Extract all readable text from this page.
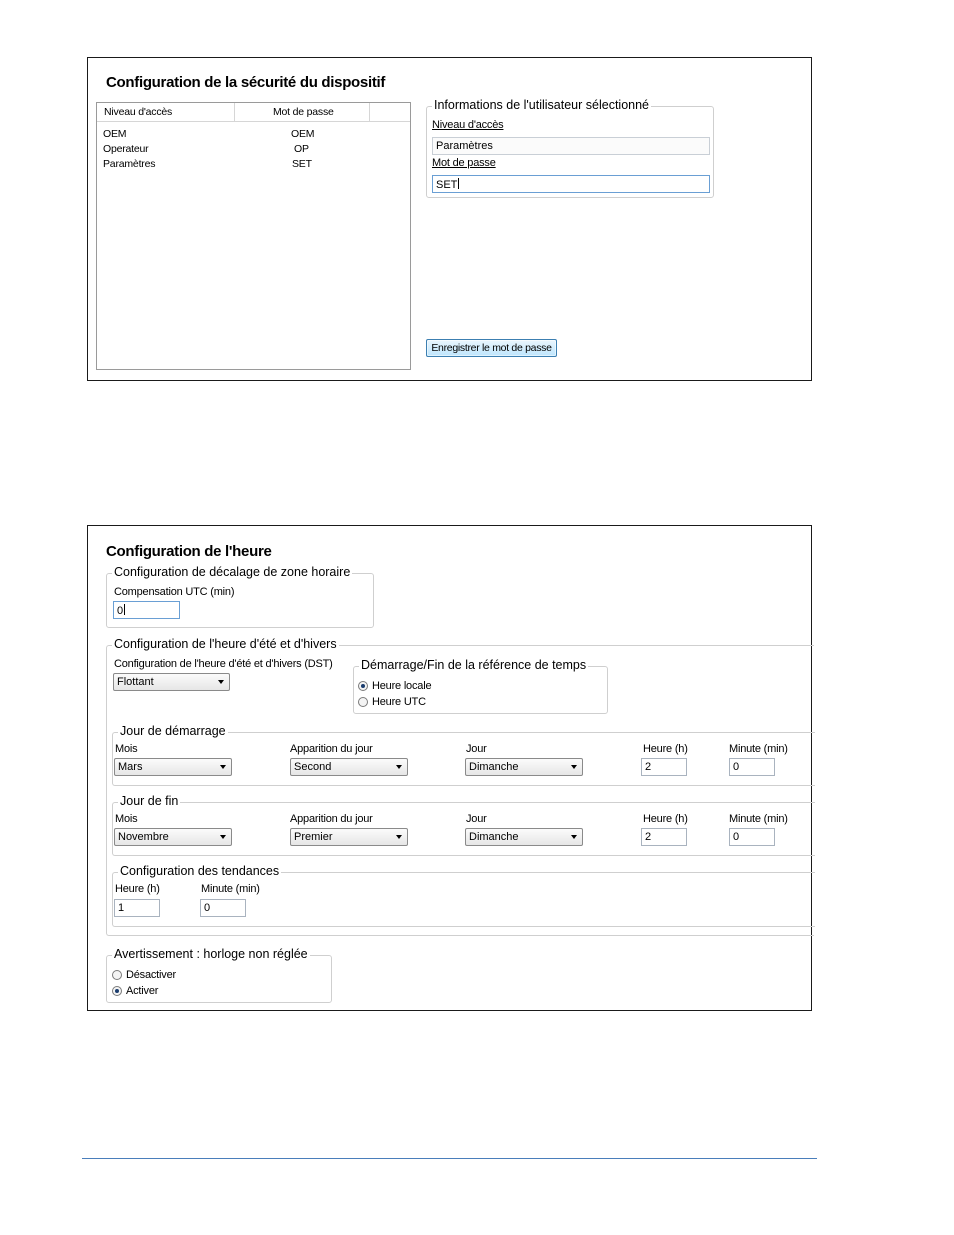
Configuration de la sécurité du dispositif
Niveau d'accès	Mot de passe
OEM	OEM
Operateur	OP
Paramètres	SET
Informations de l'utilisateur sélectionné
Niveau d'accès
Paramètres
Mot de passe
SET
Enregistrer le mot de passe
Configuration de l'heure
Configuration de décalage de zone horaire
Compensation UTC (min)
0
Configuration de l'heure d'été et d'hivers
Configuration de l'heure d'été et d'hivers (DST)
Flottant
Démarrage/Fin de la référence de temps
Heure locale
Heure UTC
Jour de démarrage
Mois	Apparition du jour	Jour	Heure (h)	Minute (min)
Mars	Second	Dimanche	2	0
Jour de fin
Mois	Apparition du jour	Jour	Heure (h)	Minute (min)
Novembre	Premier	Dimanche	2	0
Configuration des tendances
Heure (h)	Minute (min)
1	0
Avertissement : horloge non réglée
Désactiver
Activer
